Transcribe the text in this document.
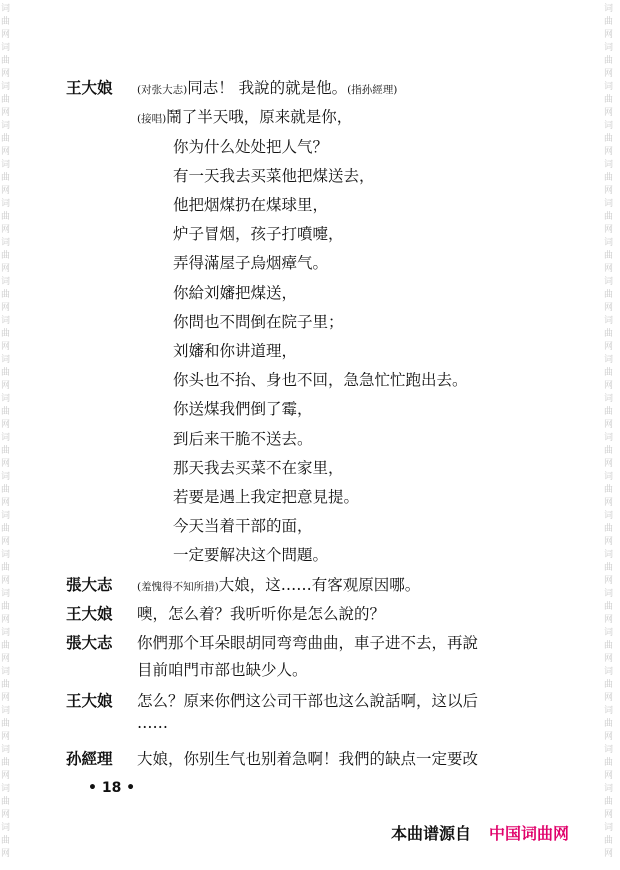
词
曲
网
词
曲
网
词
曲
网
词
曲
网
词
曲
网
词
曲
网
词
曲
网
词
曲
网
词
曲
网
词
曲
网
词
曲
网
词
曲
网
词
曲
网
词
曲
网
词
曲
网
词
曲
网
词
曲
网
词
曲
网
词
曲
网
词
曲
网
词
曲
网
词
曲
网
词
曲
网
词
曲
网
词
曲
网
词
曲
网
词
曲
网
词
曲
网
词
曲
网
词
曲
网
词
曲
网
词
曲
网
词
曲
网
词
曲
网
词
曲
网
词
曲
网
词
曲
网
词
曲
网
词
曲
网
词
曲
网
词
曲
网
词
曲
网
词
曲
网
词
曲
网
王大娘 (对张大志)同志！ 我說的就是他。(指孙經理)
(接唱)鬧了半天哦，原来就是你，
你为什么处处把人气？
有一天我去买菜他把煤送去，
他把烟煤扔在煤球里，
炉子冒烟，孩子打噴嚏，
弄得滿屋子烏烟瘴气。
你給刘嬸把煤送，
你問也不問倒在院子里；
刘嬸和你讲道理，
你头也不抬、身也不回，急急忙忙跑出去。
你送煤我們倒了霉，
到后来干脆不送去。
那天我去买菜不在家里，
若要是遇上我定把意見提。
今天当着干部的面，
一定要解决这个問題。
張大志 (羞愧得不知所措)大娘，这……有客观原因哪。
王大娘 噢，怎么着？我听听你是怎么說的？
張大志 你們那个耳朵眼胡同弯弯曲曲，車子进不去，再說
目前咱門市部也缺少人。
王大娘 怎么？原来你們这公司干部也这么說話啊，这以后
……
孙經理 大娘，你别生气也别着急啊！我們的缺点一定要改
• 18 •
本曲谱源自 中国词曲网
